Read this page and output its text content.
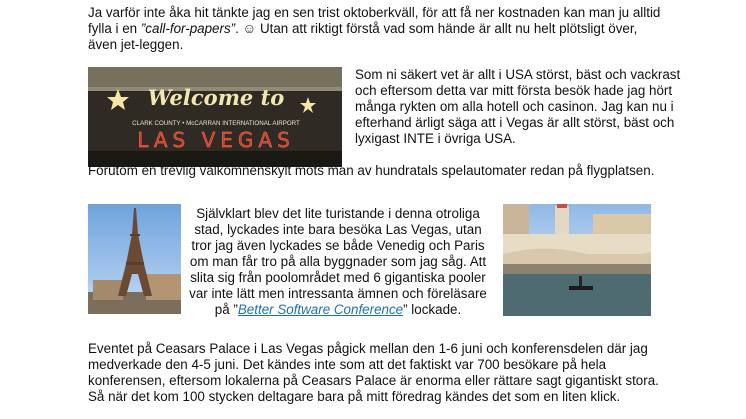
Ja varför inte åka hit tänkte jag en sen trist oktoberkväll, för att få ner kostnaden kan man ju alltid fylla i en ”call-for-papers”. ☺ Utan att riktigt förstå vad som hände är allt nu helt plötsligt över, även jet-leggen.

Welcome to
CLARK COUNTY • McCARRAN INTERNATIONAL AIRPORT
LAS VEGAS

Som ni säkert vet är allt i USA störst, bäst och vackrast och eftersom detta var mitt första besök hade jag hört många rykten om alla hotell och casinon. Jag kan nu i efterhand ärligt säga att i Vegas är allt störst, bäst och lyxigast INTE i övriga USA.

Förutom en trevlig välkomnenskylt möts man av hundratals spelautomater redan på flygplatsen.

Självklart blev det lite turistande i denna otroliga stad, lyckades inte bara besöka Las Vegas, utan tror jag även lyckades se både Venedig och Paris om man får tro på alla byggnader som jag såg. Att slita sig från poolområdet med 6 gigantiska pooler var inte lätt men intressanta ämnen och föreläsare på ”Better Software Conference” lockade.

Eventet på Ceasars Palace i Las Vegas pågick mellan den 1-6 juni och konferensdelen där jag medverkade den 4-5 juni. Det kändes inte som att det faktiskt var 700 besökare på hela konferensen, eftersom lokalerna på Ceasars Palace är enorma eller rättare sagt gigantiskt stora. Så när det kom 100 stycken deltagare bara på mitt föredrag kändes det som en liten klick.
